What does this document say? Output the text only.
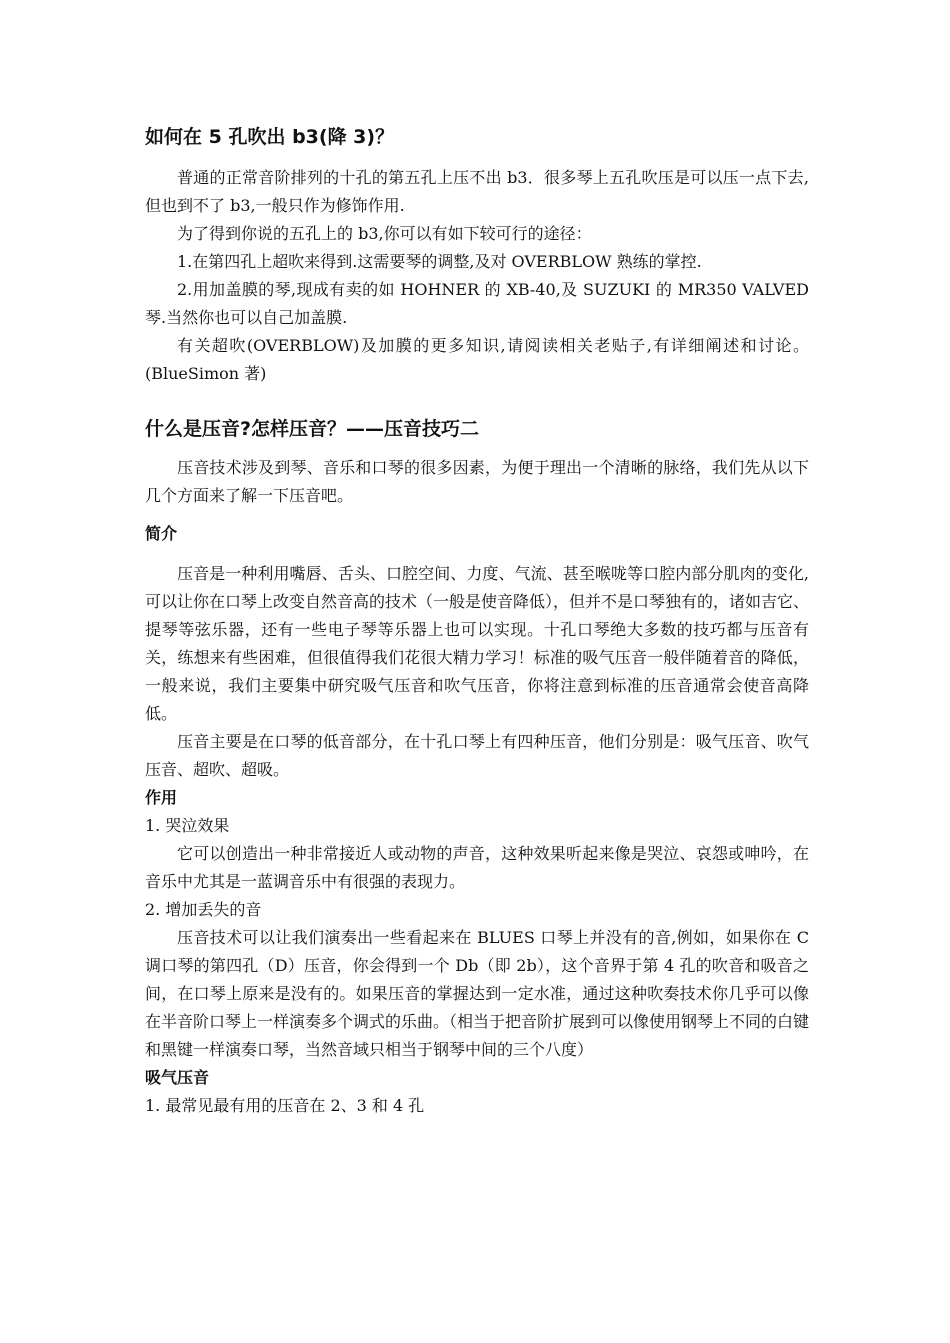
如何在 5 孔吹出 b3(降 3)？

普通的正常音阶排列的十孔的第五孔上压不出 b3．很多琴上五孔吹压是可以压一点下去,但也到不了 b3,一般只作为修饰作用.

为了得到你说的五孔上的 b3,你可以有如下较可行的途径：

1.在第四孔上超吹来得到.这需要琴的调整,及对 OVERBLOW 熟练的掌控.

2.用加盖膜的琴,现成有卖的如 HOHNER 的 XB-40,及 SUZUKI 的 MR350 VALVED 琴.当然你也可以自己加盖膜.

有关超吹(OVERBLOW)及加膜的更多知识,请阅读相关老贴子,有详细阐述和讨论。(BlueSimon 著)

什么是压音?怎样压音？——压音技巧二

压音技术涉及到琴、音乐和口琴的很多因素，为便于理出一个清晰的脉络，我们先从以下几个方面来了解一下压音吧。

简介

压音是一种利用嘴唇、舌头、口腔空间、力度、气流、甚至喉咙等口腔内部分肌肉的变化,可以让你在口琴上改变自然音高的技术（一般是使音降低），但并不是口琴独有的，诸如吉它、提琴等弦乐器，还有一些电子琴等乐器上也可以实现。十孔口琴绝大多数的技巧都与压音有关，练想来有些困难，但很值得我们花很大精力学习！标准的吸气压音一般伴随着音的降低，一般来说，我们主要集中研究吸气压音和吹气压音，你将注意到标准的压音通常会使音高降低。

压音主要是在口琴的低音部分，在十孔口琴上有四种压音，他们分别是：吸气压音、吹气压音、超吹、超吸。

作用
1. 哭泣效果

它可以创造出一种非常接近人或动物的声音，这种效果听起来像是哭泣、哀怨或呻吟，在音乐中尤其是一蓝调音乐中有很强的表现力。

2. 增加丢失的音

压音技术可以让我们演奏出一些看起来在 BLUES 口琴上并没有的音,例如，如果你在 C 调口琴的第四孔（D）压音，你会得到一个 Db（即 2b），这个音界于第 4 孔的吹音和吸音之间，在口琴上原来是没有的。如果压音的掌握达到一定水准，通过这种吹奏技术你几乎可以像在半音阶口琴上一样演奏多个调式的乐曲。（相当于把音阶扩展到可以像使用钢琴上不同的白键和黑键一样演奏口琴，当然音域只相当于钢琴中间的三个八度）

吸气压音
1. 最常见最有用的压音在 2、3 和 4 孔
